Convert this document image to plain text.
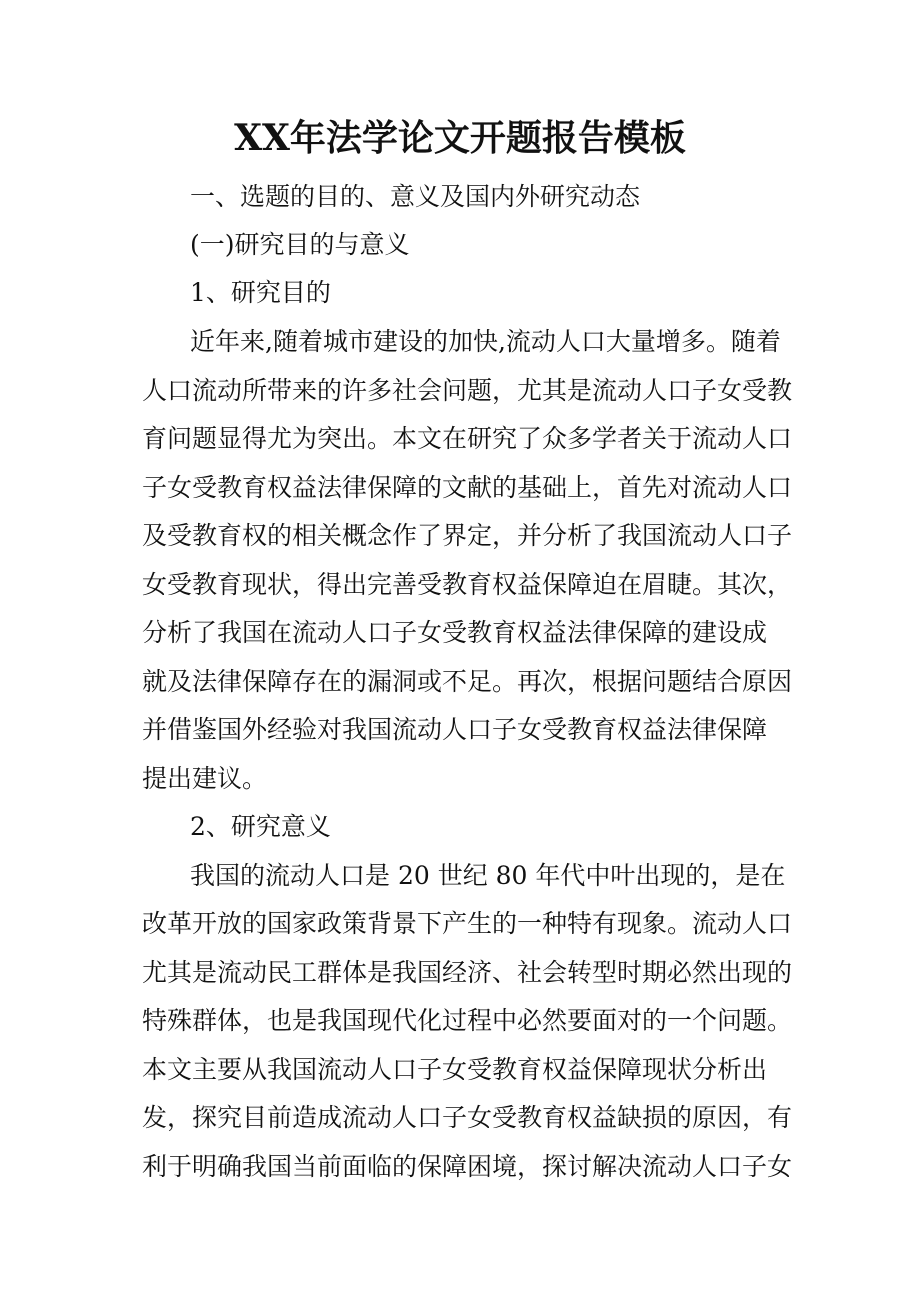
XX年法学论文开题报告模板
一、选题的目的、意义及国内外研究动态
(一)研究目的与意义
1、研究目的
近年来,随着城市建设的加快,流动人口大量增多。随着
人口流动所带来的许多社会问题，尤其是流动人口子女受教
育问题显得尤为突出。本文在研究了众多学者关于流动人口
子女受教育权益法律保障的文献的基础上，首先对流动人口
及受教育权的相关概念作了界定，并分析了我国流动人口子
女受教育现状，得出完善受教育权益保障迫在眉睫。其次，
分析了我国在流动人口子女受教育权益法律保障的建设成
就及法律保障存在的漏洞或不足。再次，根据问题结合原因
并借鉴国外经验对我国流动人口子女受教育权益法律保障
提出建议。
2、研究意义
我国的流动人口是 20 世纪 80 年代中叶出现的，是在
改革开放的国家政策背景下产生的一种特有现象。流动人口
尤其是流动民工群体是我国经济、社会转型时期必然出现的
特殊群体，也是我国现代化过程中必然要面对的一个问题。
本文主要从我国流动人口子女受教育权益保障现状分析出
发，探究目前造成流动人口子女受教育权益缺损的原因，有
利于明确我国当前面临的保障困境，探讨解决流动人口子女
